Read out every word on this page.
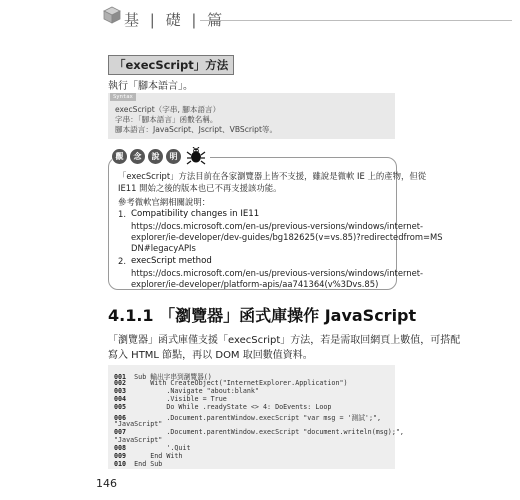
基 | 礎 | 篇
「execScript」方法
執行「腳本語言」。
Syntax
execScript（字串, 腳本語言）
字串：「腳本語言」函數名稱。
腳本語言：JavaScript、Jscript、VBScript等。
觀	念	說	明
「execScript」方法目前在各家瀏覽器上皆不支援，雖說是微軟 IE 上的產物，但從
IE11 開始之後的版本也已不再支援該功能。
參考微軟官網相關說明：
1. Compatibility changes in IE11
https://docs.microsoft.com/en-us/previous-versions/windows/internet-
explorer/ie-developer/dev-guides/bg182625(v=vs.85)?redirectedfrom=MS
DN#legacyAPIs
2. execScript method
https://docs.microsoft.com/en-us/previous-versions/windows/internet-
explorer/ie-developer/platform-apis/aa741364(v%3Dvs.85)
4.1.1 「瀏覽器」函式庫操作 JavaScript
「瀏覽器」函式庫僅支援「execScript」方法，若是需取回網頁上數值，可搭配
寫入 HTML 節點，再以 DOM 取回數值資料。
001  Sub 輸出字串到瀏覽器()
002      With CreateObject("InternetExplorer.Application")
003          .Navigate "about:blank"
004          .Visible = True
005          Do While .readyState <> 4: DoEvents: Loop
006          .Document.parentWindow.execScript "var msg = '測試';",
"JavaScript"
007          .Document.parentWindow.execScript "document.writeln(msg);",
"JavaScript"
008          '.Quit
009      End With
010  End Sub
146
